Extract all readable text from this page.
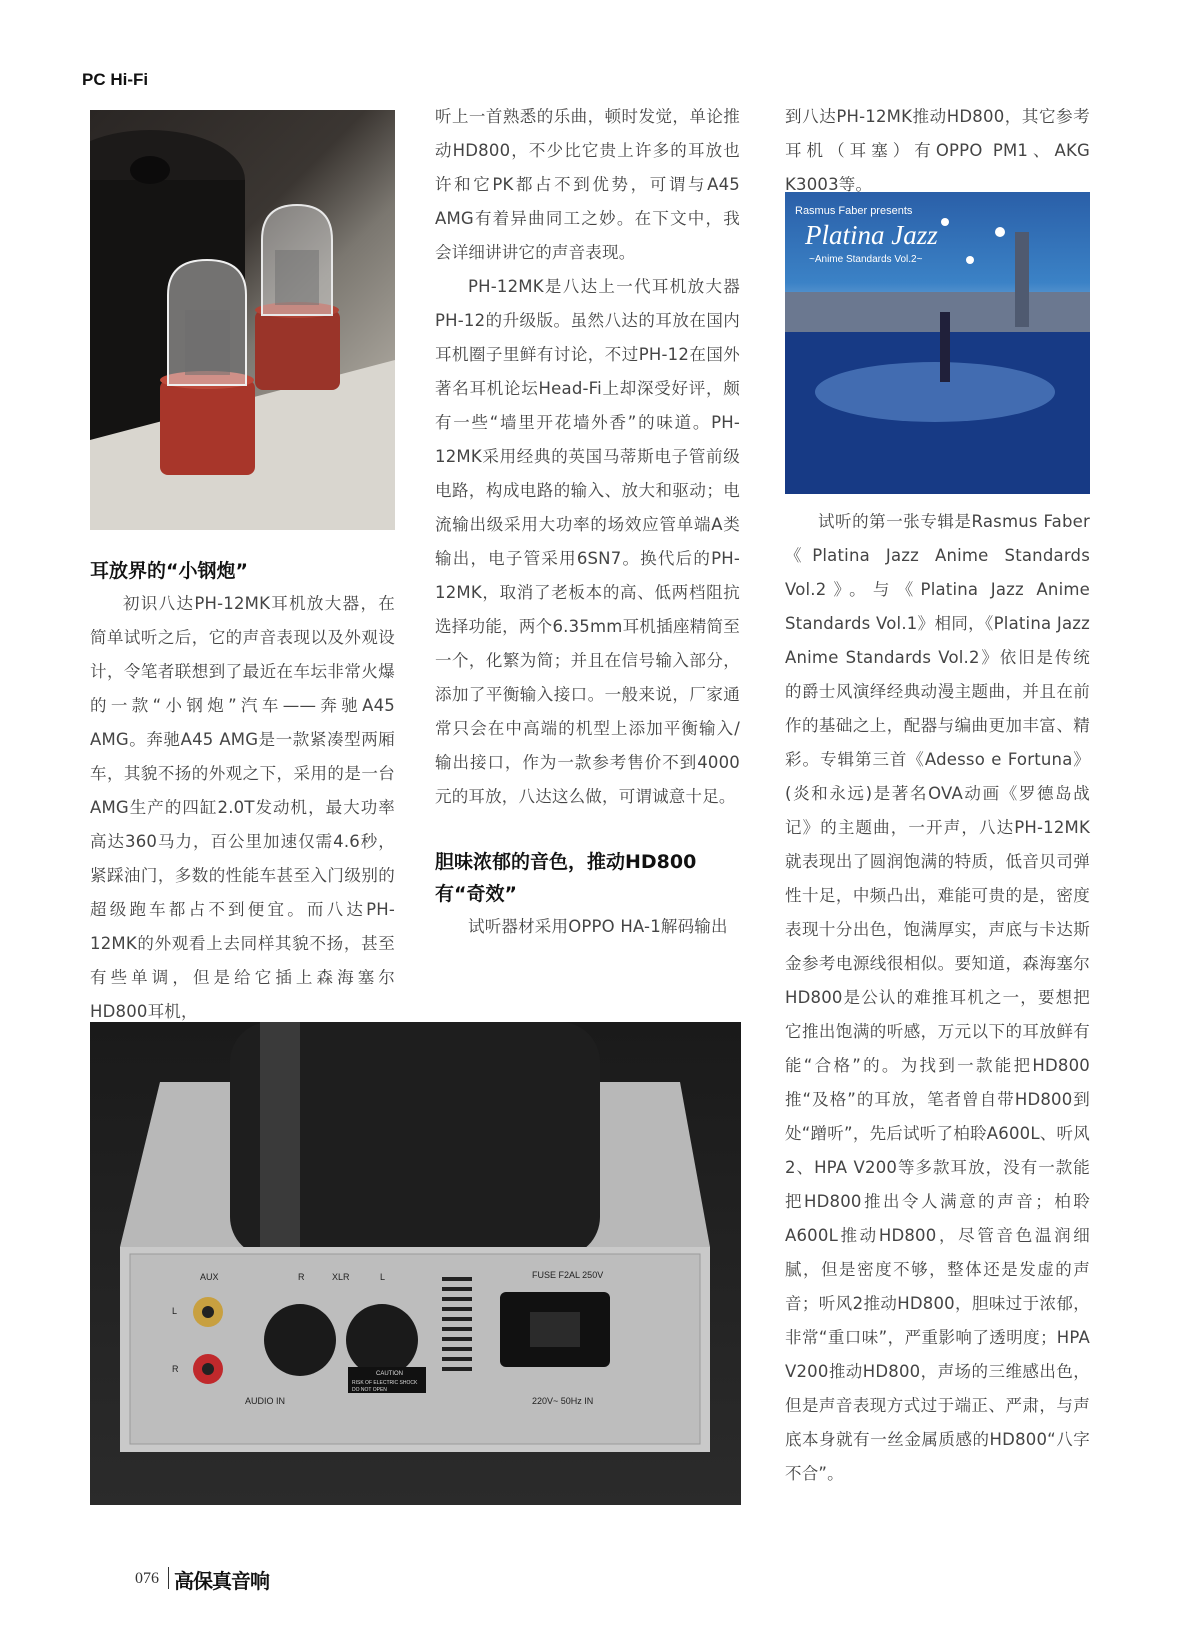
PC Hi-Fi
耳放界的“小钢炮”

初识八达PH-12MK耳机放大器，在简单试听之后，它的声音表现以及外观设计，令笔者联想到了最近在车坛非常火爆的一款“小钢炮”汽车——奔驰A45 AMG。奔驰A45 AMG是一款紧凑型两厢车，其貌不扬的外观之下，采用的是一台AMG生产的四缸2.0T发动机，最大功率高达360马力，百公里加速仅需4.6秒，紧踩油门，多数的性能车甚至入门级别的超级跑车都占不到便宜。而八达PH-12MK的外观看上去同样其貌不扬，甚至有些单调，但是给它插上森海塞尔HD800耳机，

听上一首熟悉的乐曲，顿时发觉，单论推动HD800，不少比它贵上许多的耳放也许和它PK都占不到优势，可谓与A45 AMG有着异曲同工之妙。在下文中，我会详细讲讲它的声音表现。

PH-12MK是八达上一代耳机放大器PH-12的升级版。虽然八达的耳放在国内耳机圈子里鲜有讨论，不过PH-12在国外著名耳机论坛Head-Fi上却深受好评，颇有一些“墙里开花墙外香”的味道。PH-12MK采用经典的英国马蒂斯电子管前级电路，构成电路的输入、放大和驱动；电流输出级采用大功率的场效应管单端A类输出，电子管采用6SN7。换代后的PH-12MK，取消了老板本的高、低两档阻抗选择功能，两个6.35mm耳机插座精简至一个，化繁为简；并且在信号输入部分，添加了平衡输入接口。一般来说，厂家通常只会在中高端的机型上添加平衡输入/输出接口，作为一款参考售价不到4000元的耳放，八达这么做，可谓诚意十足。

胆味浓郁的音色，推动HD800有“奇效”

试听器材采用OPPO HA-1解码输出

Rasmus Faber presents
Platina Jazz
~Anime Standards Vol.2~

到八达PH-12MK推动HD800，其它参考耳机（耳塞）有OPPO PM1、AKG K3003等。

试听的第一张专辑是Rasmus Faber《Platina Jazz Anime Standards Vol.2》。与《Platina Jazz Anime Standards Vol.1》相同，《Platina Jazz Anime Standards Vol.2》依旧是传统的爵士风演绎经典动漫主题曲，并且在前作的基础之上，配器与编曲更加丰富、精彩。专辑第三首《Adesso e Fortuna》(炎和永远)是著名OVA动画《罗德岛战记》的主题曲，一开声，八达PH-12MK就表现出了圆润饱满的特质，低音贝司弹性十足，中频凸出，难能可贵的是，密度表现十分出色，饱满厚实，声底与卡达斯金参考电源线很相似。要知道，森海塞尔HD800是公认的难推耳机之一，要想把它推出饱满的听感，万元以下的耳放鲜有能“合格”的。为找到一款能把HD800推“及格”的耳放，笔者曾自带HD800到处“蹭听”，先后试听了柏聆A600L、听风2、HPA V200等多款耳放，没有一款能把HD800推出令人满意的声音；柏聆A600L推动HD800，尽管音色温润细腻，但是密度不够，整体还是发虚的声音；听风2推动HD800，胆味过于浓郁，非常“重口味”，严重影响了透明度；HPA V200推动HD800，声场的三维感出色，但是声音表现方式过于端正、严肃，与声底本身就有一丝金属质感的HD800“八字不合”。

AUX
L
R
R	XLR	L
AUDIO IN
CAUTION
RISK OF ELECTRIC SHOCK
DO NOT OPEN
FUSE F2AL 250V
220V~ 50Hz IN
076 高保真音响
